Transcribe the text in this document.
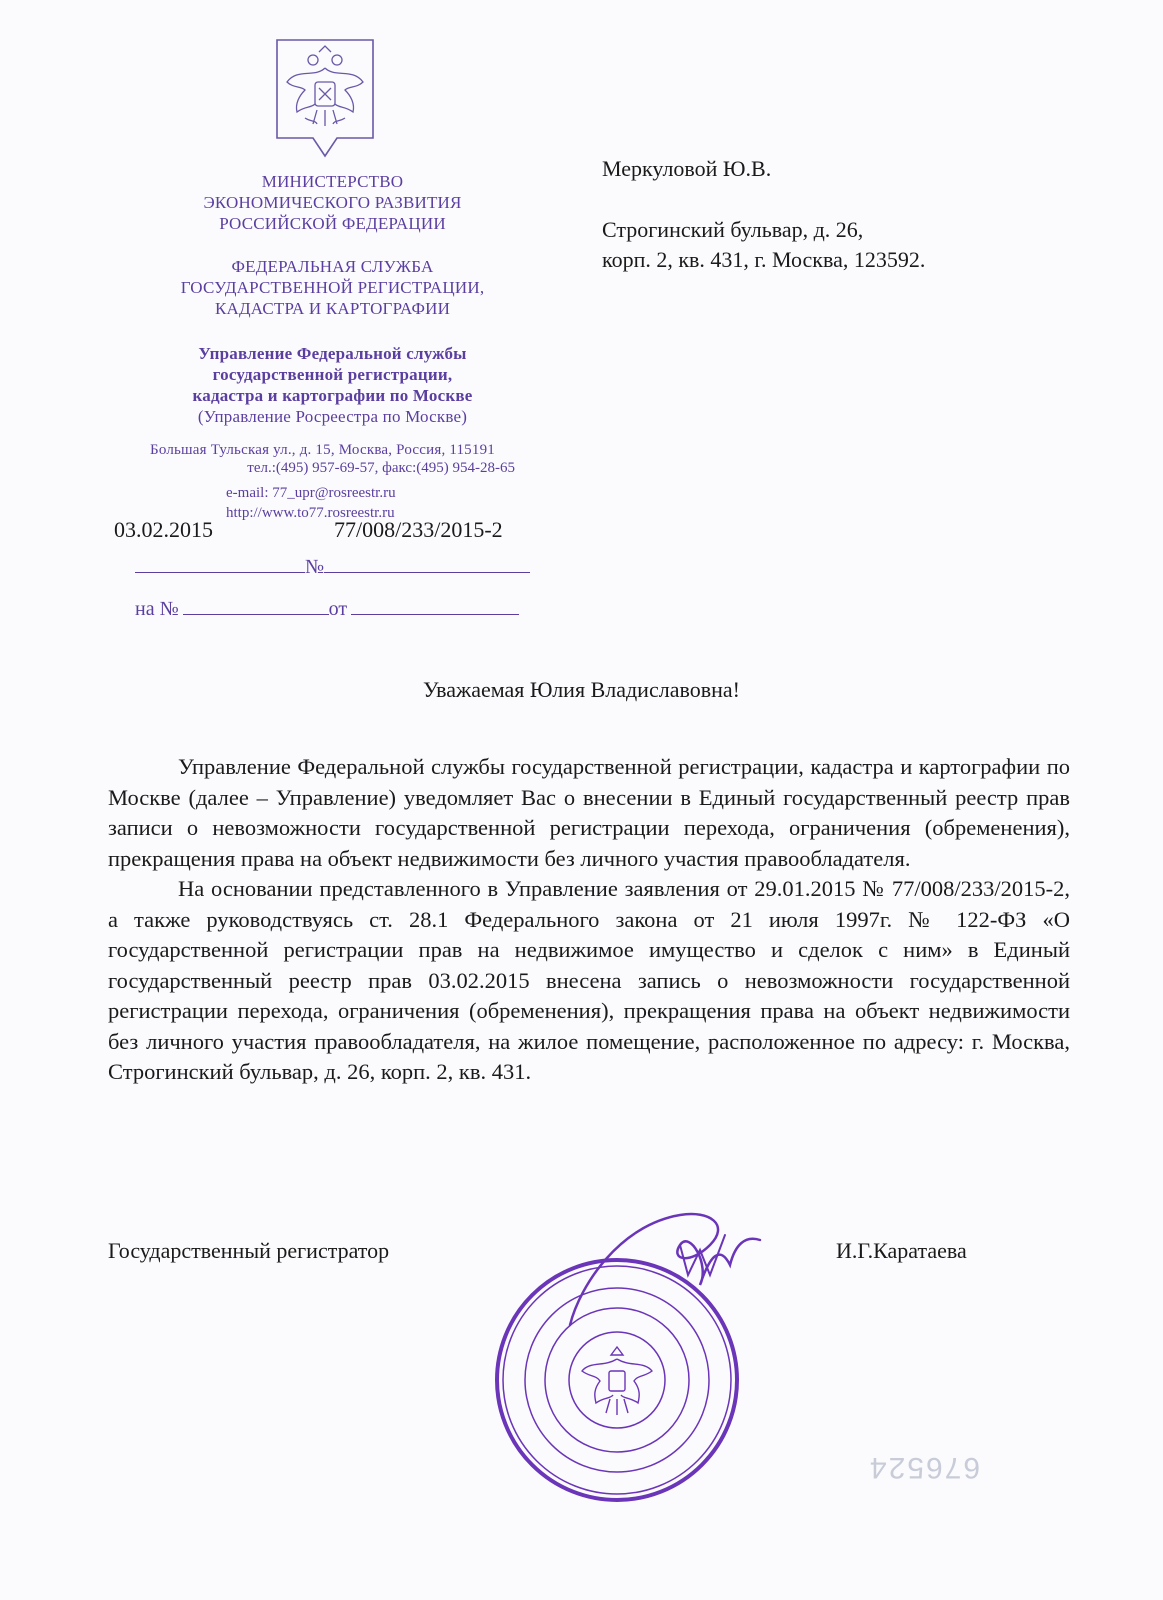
МИНИСТЕРСТВО
ЭКОНОМИЧЕСКОГО РАЗВИТИЯ
РОССИЙСКОЙ ФЕДЕРАЦИИ
ФЕДЕРАЛЬНАЯ СЛУЖБА
ГОСУДАРСТВЕННОЙ РЕГИСТРАЦИИ,
КАДАСТРА И КАРТОГРАФИИ
Управление Федеральной службы
государственной регистрации,
кадастра и картографии по Москве
(Управление Росреестра по Москве)
Большая Тульская ул., д. 15, Москва, Россия, 115191
тел.:(495) 957-69-57, факс:(495) 954-28-65
e-mail: 77_upr@rosreestr.ru
http://www.to77.rosreestr.ru
03.02.2015	77/008/233/2015-2
№
на №	от
Меркуловой Ю.В.
Строгинский бульвар, д. 26,
корп. 2, кв. 431, г. Москва, 123592.
Уважаемая Юлия Владиславовна!

Управление Федеральной службы государственной регистрации, кадастра и картографии по Москве (далее – Управление) уведомляет Вас о внесении в Единый государственный реестр прав записи о невозможности государственной регистрации перехода, ограничения (обременения), прекращения права на объект недвижимости без личного участия правообладателя.

На основании представленного в Управление заявления от 29.01.2015 № 77/008/233/2015-2, а также руководствуясь ст. 28.1 Федерального закона от 21 июля 1997г. № 122-ФЗ «О государственной регистрации прав на недвижимое имущество и сделок с ним» в Единый государственный реестр прав 03.02.2015 внесена запись о невозможности государственной регистрации перехода, ограничения (обременения), прекращения права на объект недвижимости без личного участия правообладателя, на жилое помещение, расположенное по адресу: г. Москва, Строгинский бульвар, д. 26, корп. 2, кв. 431.

Государственный регистратор	И.Г.Каратаева
676524
